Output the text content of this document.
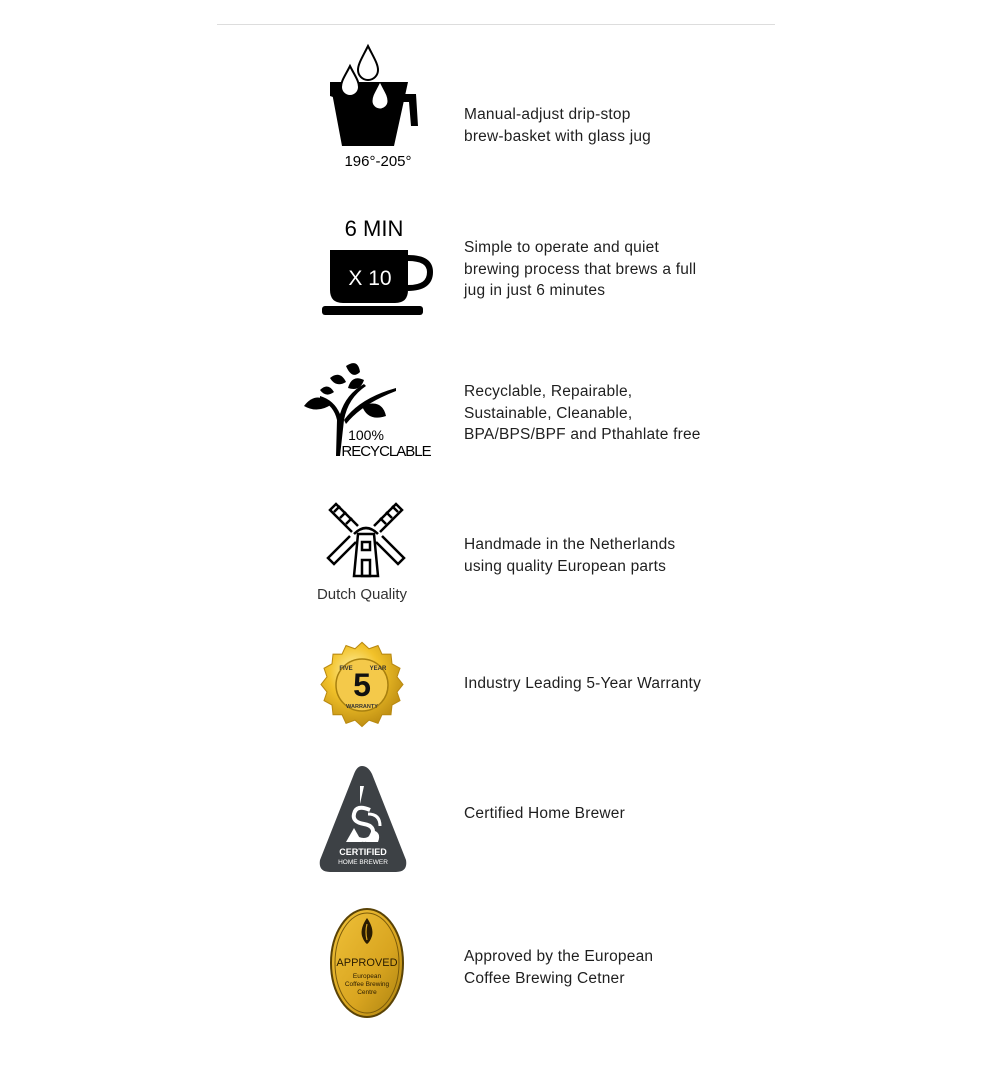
196°-205°
Manual-adjust drip-stop
brew-basket with glass jug
6 MIN
X 10
Simple to operate and quiet
brewing process that brews a full
jug in just 6 minutes
100%
RECYCLABLE
Recyclable, Repairable,
Sustainable, Cleanable,
BPA/BPS/BPF and Pthahlate free
Dutch Quality
Handmade in the Netherlands
using quality European parts
5
FIVE	YEAR
WARRANTY
Industry Leading 5-Year Warranty
CERTIFIED
HOME BREWER
Certified Home Brewer
APPROVED
European
Coffee Brewing
Centre
Approved by the European
Coffee Brewing Cetner
